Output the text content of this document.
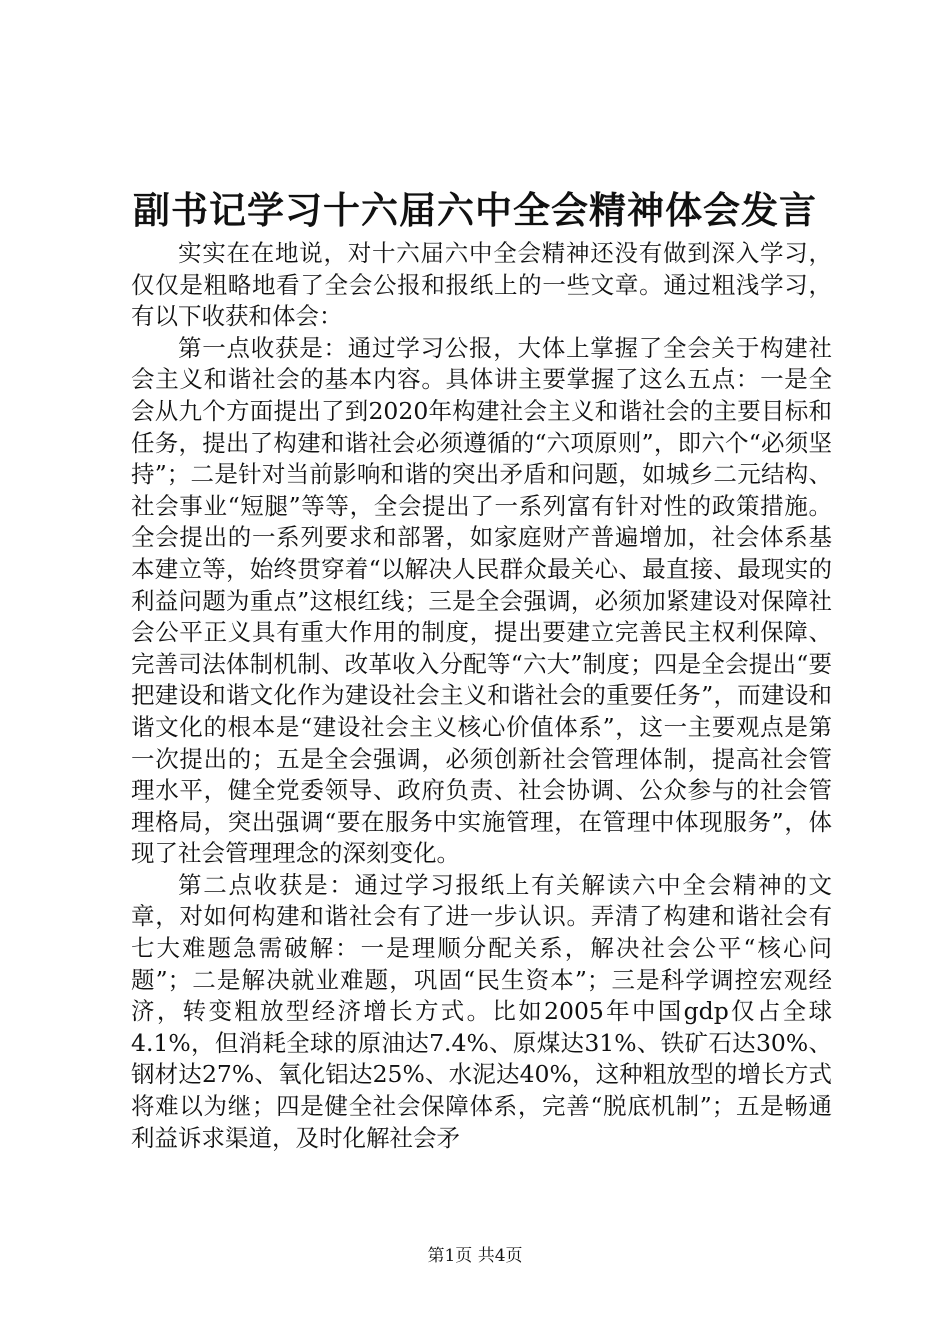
副书记学习十六届六中全会精神体会发言

实实在在地说，对十六届六中全会精神还没有做到深入学习，仅仅是粗略地看了全会公报和报纸上的一些文章。通过粗浅学习，有以下收获和体会：

第一点收获是：通过学习公报，大体上掌握了全会关于构建社会主义和谐社会的基本内容。具体讲主要掌握了这么五点：一是全会从九个方面提出了到2020年构建社会主义和谐社会的主要目标和任务，提出了构建和谐社会必须遵循的“六项原则”，即六个“必须坚持”；二是针对当前影响和谐的突出矛盾和问题，如城乡二元结构、社会事业“短腿”等等，全会提出了一系列富有针对性的政策措施。全会提出的一系列要求和部署，如家庭财产普遍增加，社会体系基本建立等，始终贯穿着“以解决人民群众最关心、最直接、最现实的利益问题为重点”这根红线；三是全会强调，必须加紧建设对保障社会公平正义具有重大作用的制度，提出要建立完善民主权利保障、完善司法体制机制、改革收入分配等“六大”制度；四是全会提出“要把建设和谐文化作为建设社会主义和谐社会的重要任务”，而建设和谐文化的根本是“建设社会主义核心价值体系”，这一主要观点是第一次提出的；五是全会强调，必须创新社会管理体制，提高社会管理水平，健全党委领导、政府负责、社会协调、公众参与的社会管理格局，突出强调“要在服务中实施管理，在管理中体现服务”，体现了社会管理理念的深刻变化。

第二点收获是：通过学习报纸上有关解读六中全会精神的文章，对如何构建和谐社会有了进一步认识。弄清了构建和谐社会有七大难题急需破解：一是理顺分配关系，解决社会公平“核心问题”；二是解决就业难题，巩固“民生资本”；三是科学调控宏观经济，转变粗放型经济增长方式。比如2005年中国gdp仅占全球4.1%，但消耗全球的原油达7.4%、原煤达31%、铁矿石达30%、钢材达27%、氧化铝达25%、水泥达40%，这种粗放型的增长方式将难以为继；四是健全社会保障体系，完善“脱底机制”；五是畅通利益诉求渠道，及时化解社会矛

第1页 共4页
